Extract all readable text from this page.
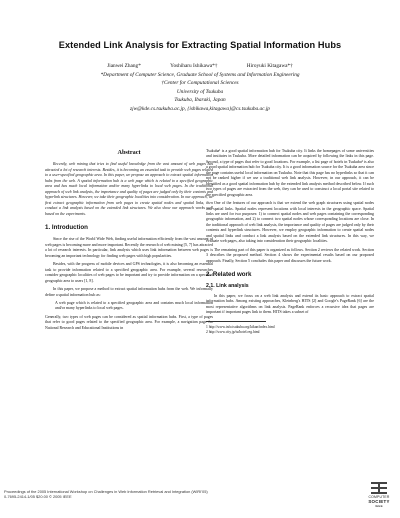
Extended Link Analysis for Extracting Spatial Information Hubs
Jianwei Zhang*	Yoshiharu Ishikawa*†	Hiroyuki Kitagawa*†
*Department of Computer Science, Graduate School of Systems and Information Engineering
†Center for Computational Sciences
University of Tsukuba
Tsukuba, Ibaraki, Japan
zjw@kde.cs.tsukuba.ac.jp, {ishikawa,kitagawa}@cs.tsukuba.ac.jp
Abstract

Recently, web mining that tries to find useful knowledge from the vast amount of web pages has attracted a lot of research interests. Besides, it is becoming an essential task to provide web pages related to a user-specified geographic area. In this paper, we propose an approach to extract spatial information hubs from the web. A spatial information hub is a web page which is related to a specified geographic area and has much local information and/or many hyperlinks to local web pages. In the traditional approach of web link analysis, the importance and quality of pages are judged only by their contents and hyperlink structures. However, we take their geographic localities into consideration. In our approach, we first extract geographic information from web pages to create spatial nodes and spatial links, then conduct a link analysis based on the extended link structures. We also show our approach works well based on the experiments.

1. Introduction

Since the rise of the World Wide Web, finding useful information efficiently from the vast amount of web pages is becoming more and more important. Recently the research of web mining [5, 7] has attracted a lot of research interests. In particular, link analysis which uses link information between web pages is becoming an important technology for finding web pages with high popularities.

Besides, with the progress of mobile devices and GPS technologies, it is also becoming an essential task to provide information related to a specified geographic area. For example, several researches consider geographic localities of web pages to be important and try to provide information on a specified geographic area to users [1, 8].

In this paper, we propose a method to extract spatial information hubs from the web. We informally define a spatial information hub as:

A web page which is related to a specified geographic area and contains much local information and/or many hyperlinks to local web pages.

Generally, two types of web pages can be considered as spatial information hubs. First, a type of pages that refer to good pages related to the specified geographic area. For example, a navigation page for National Research and Educational Institutions in

Tsukuba¹ is a good spatial information hub for Tsukuba city. It links the homepages of some universities and institutes in Tsukuba. More detailed information can be acquired by following the links in this page. Second, a type of pages that refer to good locations. For example, a list page of hotels in Tsukuba² is also a good spatial information hub for Tsukuba city. It is a good information source for the Tsukuba area since the page contains useful local information on Tsukuba. Note that this page has no hyperlinks so that it can not be ranked higher if we use a traditional web link analysis. However, in our approach, it can be identified as a good spatial information hub by the extended link analysis method described below. If such two types of pages are extracted from the web, they can be used to construct a local portal site related to the specified geographic area.

One of the features of our approach is that we extend the web graph structures using spatial nodes and spatial links. Spatial nodes represent locations with local interests in the geographic space. Spatial links are used for two purposes: 1) to connect spatial nodes and web pages containing the corresponding geographic information, and 2) to connect two spatial nodes whose corresponding locations are close. In the traditional approach of web link analysis, the importance and quality of pages are judged only by their contents and hyperlink structures. However, we employ geographic information to create spatial nodes and spatial links and conduct a link analysis based on the extended link structures. In this way, we evaluate web pages, also taking into consideration their geographic localities.

The remaining part of this paper is organized as follows. Section 2 reviews the related work. Section 3 describes the proposed method. Section 4 shows the experimental results based on our proposed approach. Finally, Section 5 concludes this paper and discusses the future work.

2. Related work
2.1. Link analysis

In this paper, we focus on a web link analysis and extend its basic approach to extract spatial information hubs. Among existing approaches, Kleinberg's HITS [2] and Google's PageRank [6] are the most representative algorithms on link analysis. PageRank enforces a recursive idea that pages are important if important pages link to them. HITS takes a subset of

1 http://www.info.tsukuba.org/kikan/index.html
2 http://www.city.jp/tu/hotel.reg.html
Proceedings of the 2005 International Workshop on Challenges in Web Information Retrieval and Integration (WIRI'05)
0-7695-2414-1/05 $20.00 © 2005 IEEE	COMPUTER
SOCIETY
IEEE
